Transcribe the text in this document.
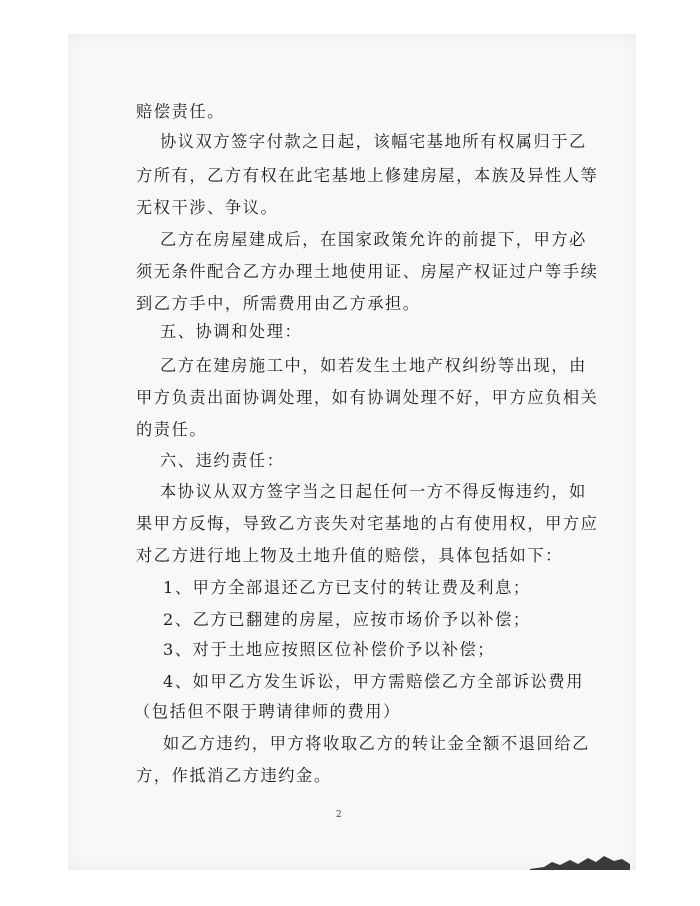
赔偿责任。
协议双方签字付款之日起，该幅宅基地所有权属归于乙
方所有，乙方有权在此宅基地上修建房屋，本族及异性人等
无权干涉、争议。
乙方在房屋建成后，在国家政策允许的前提下，甲方必
须无条件配合乙方办理土地使用证、房屋产权证过户等手续
到乙方手中，所需费用由乙方承担。
五、协调和处理：
乙方在建房施工中，如若发生土地产权纠纷等出现，由
甲方负责出面协调处理，如有协调处理不好，甲方应负相关
的责任。
六、违约责任：
本协议从双方签字当之日起任何一方不得反悔违约，如
果甲方反悔，导致乙方丧失对宅基地的占有使用权，甲方应
对乙方进行地上物及土地升值的赔偿，具体包括如下：
1、甲方全部退还乙方已支付的转让费及利息；
2、乙方已翻建的房屋，应按市场价予以补偿；
3、对于土地应按照区位补偿价予以补偿；
4、如甲乙方发生诉讼，甲方需赔偿乙方全部诉讼费用
（包括但不限于聘请律师的费用）
如乙方违约，甲方将收取乙方的转让金全额不退回给乙
方，作抵消乙方违约金。
2
